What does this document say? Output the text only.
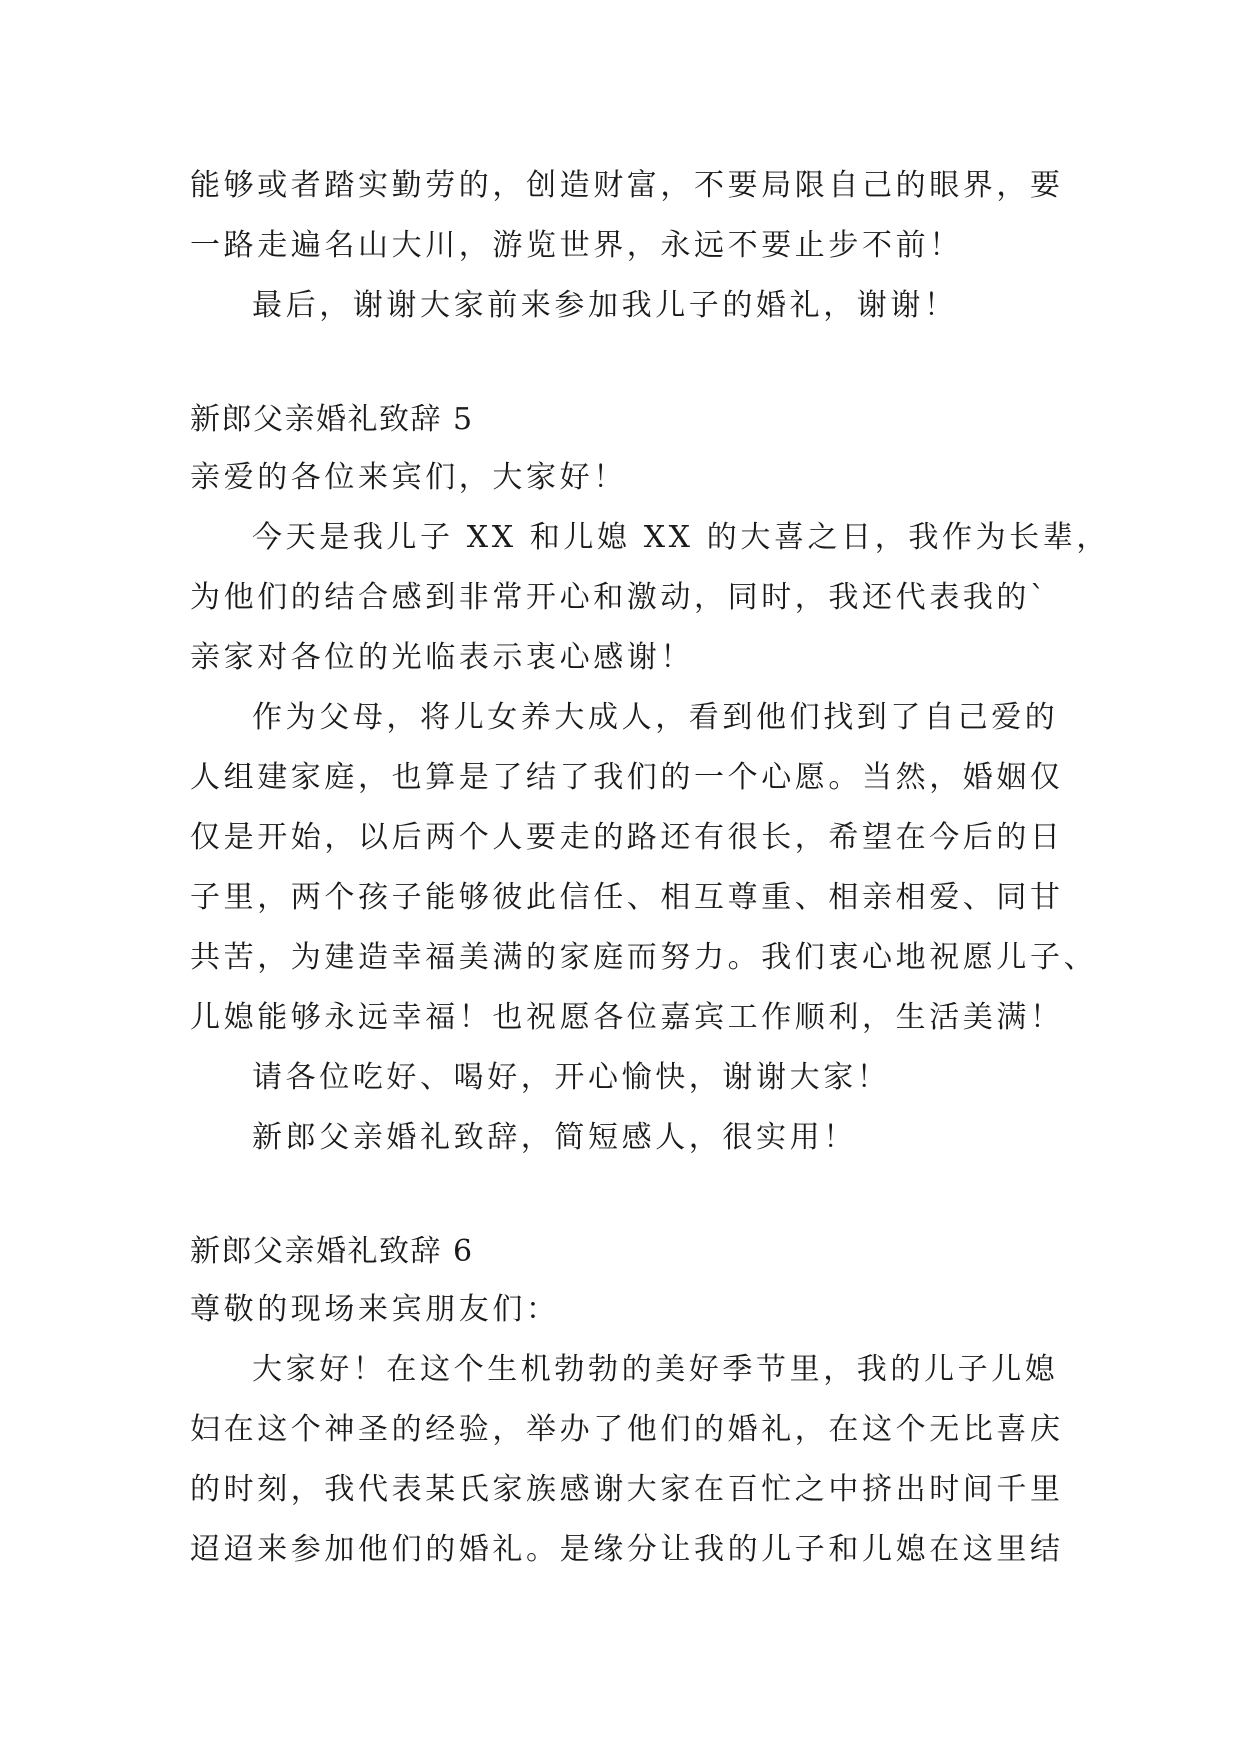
能够或者踏实勤劳的，创造财富，不要局限自己的眼界，要
一路走遍名山大川，游览世界，永远不要止步不前！
最后，谢谢大家前来参加我儿子的婚礼，谢谢！
新郎父亲婚礼致辞 5
亲爱的各位来宾们，大家好！
今天是我儿子 XX 和儿媳 XX 的大喜之日，我作为长辈，
为他们的结合感到非常开心和激动，同时，我还代表我的`
亲家对各位的光临表示衷心感谢！
作为父母，将儿女养大成人，看到他们找到了自己爱的
人组建家庭，也算是了结了我们的一个心愿。当然，婚姻仅
仅是开始，以后两个人要走的路还有很长，希望在今后的日
子里，两个孩子能够彼此信任、相互尊重、相亲相爱、同甘
共苦，为建造幸福美满的家庭而努力。我们衷心地祝愿儿子、
儿媳能够永远幸福！也祝愿各位嘉宾工作顺利，生活美满！
请各位吃好、喝好，开心愉快，谢谢大家！
新郎父亲婚礼致辞，简短感人，很实用！
新郎父亲婚礼致辞 6
尊敬的现场来宾朋友们：
大家好！在这个生机勃勃的美好季节里，我的儿子儿媳
妇在这个神圣的经验，举办了他们的婚礼，在这个无比喜庆
的时刻，我代表某氏家族感谢大家在百忙之中挤出时间千里
迢迢来参加他们的婚礼。是缘分让我的儿子和儿媳在这里结
